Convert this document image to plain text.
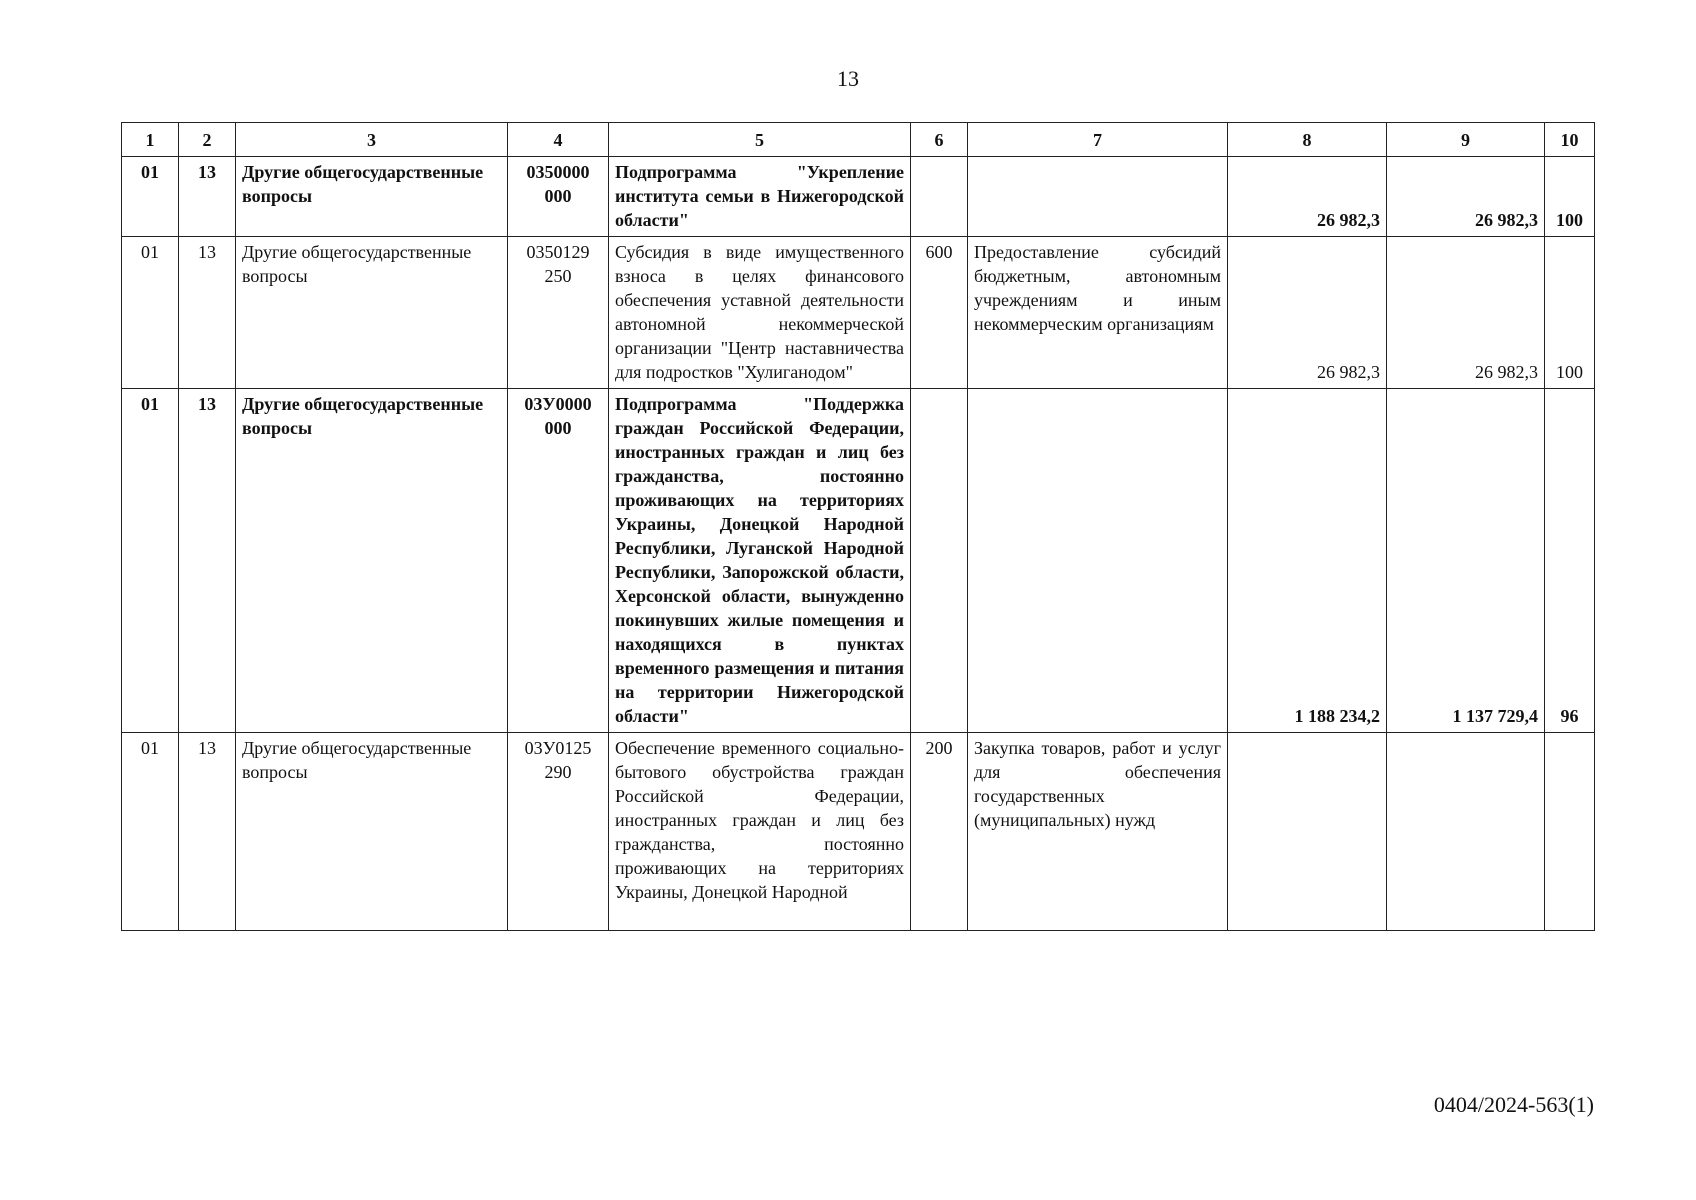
13
1	2	3	4	5	6	7	8	9	10
01	13	Другие общегосударственные вопросы	0350000 000	Подпрограмма "Укрепление института семьи в Нижегородской области"			26 982,3	26 982,3	100
01	13	Другие общегосударственные вопросы	0350129 250	Субсидия в виде имущественного взноса в целях финансового обеспечения уставной деятельности автономной некоммерческой организации "Центр наставничества для подростков "Хулиганодом"	600	Предоставление субсидий бюджетным, автономным учреждениям и иным некоммерческим организациям	26 982,3	26 982,3	100
01	13	Другие общегосударственные вопросы	03У0000 000	Подпрограмма "Поддержка граждан Российской Федерации, иностранных граждан и лиц без гражданства, постоянно проживающих на территориях Украины, Донецкой Народной Республики, Луганской Народной Республики, Запорожской области, Херсонской области, вынужденно покинувших жилые помещения и находящихся в пунктах временного размещения и питания на территории Нижегородской области"			1 188 234,2	1 137 729,4	96
01	13	Другие общегосударственные вопросы	03У0125 290	Обеспечение временного социально-бытового обустройства граждан Российской Федерации, иностранных граждан и лиц без гражданства, постоянно проживающих на территориях Украины, Донецкой Народной	200	Закупка товаров, работ и услуг для обеспечения государственных (муниципальных) нужд			
0404/2024-563(1)
